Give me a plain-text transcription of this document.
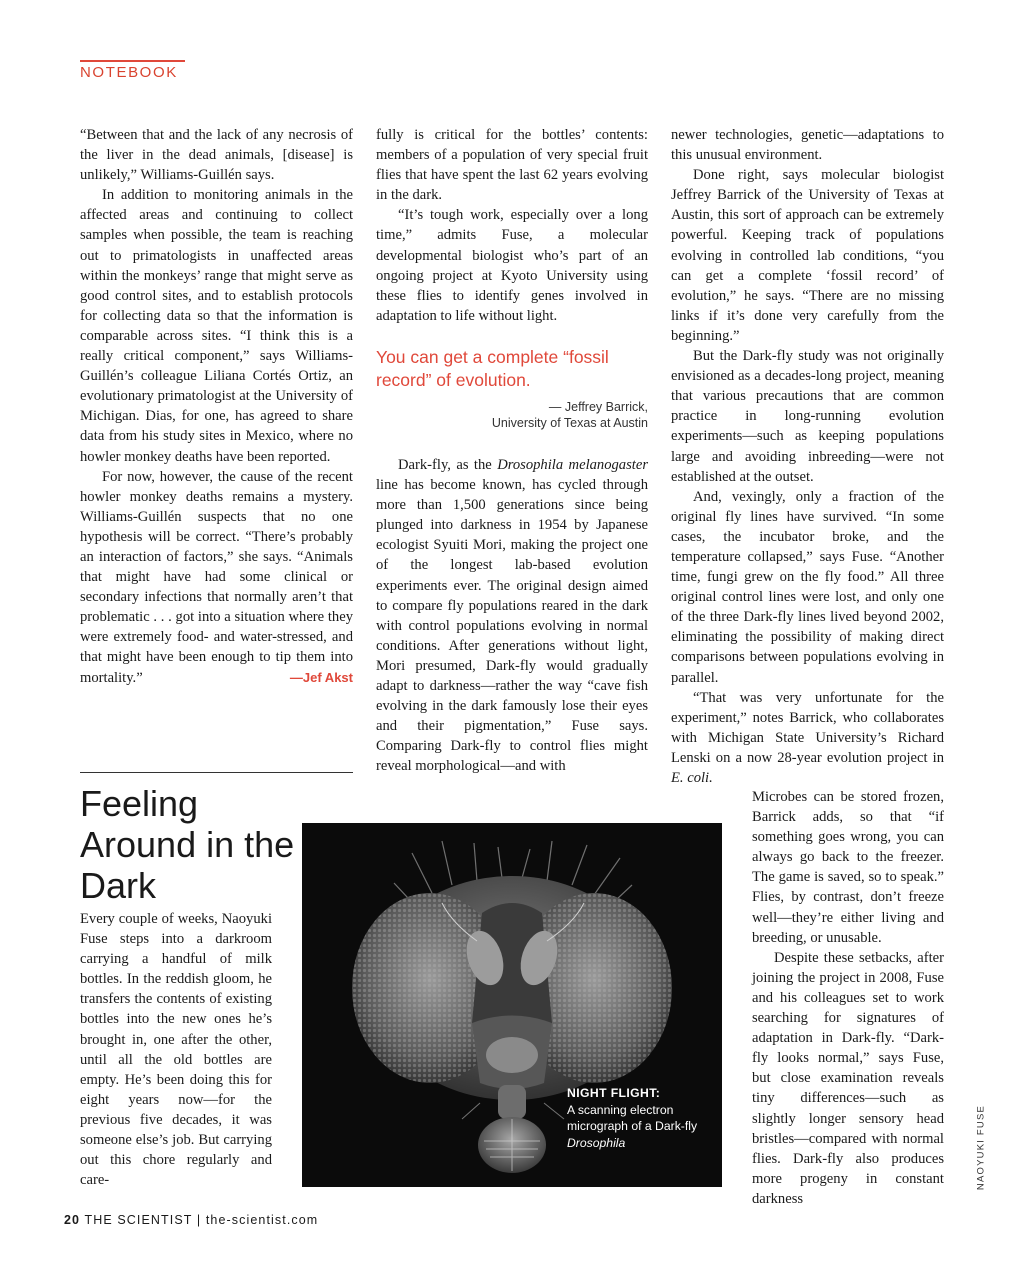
NOTEBOOK

“Between that and the lack of any necrosis of the liver in the dead animals, [disease] is unlikely,” Williams-Guillén says.

In addition to monitoring animals in the affected areas and continuing to collect samples when possible, the team is reaching out to primatologists in unaffected areas within the monkeys’ range that might serve as good control sites, and to establish protocols for collecting data so that the information is comparable across sites. “I think this is a really critical component,” says Williams-Guillén’s colleague Liliana Cortés Ortiz, an evolutionary primatologist at the University of Michigan. Dias, for one, has agreed to share data from his study sites in Mexico, where no howler monkey deaths have been reported.

For now, however, the cause of the recent howler monkey deaths remains a mystery. Williams-Guillén suspects that no one hypothesis will be correct. “There’s probably an interaction of factors,” she says. “Animals that might have had some clinical or secondary infections that normally aren’t that problematic . . . got into a situation where they were extremely food- and water-stressed, and that might have been enough to tip them into mortality.”	—Jef Akst

Feeling Around in the Dark

Every couple of weeks, Naoyuki Fuse steps into a darkroom carrying a handful of milk bottles. In the reddish gloom, he transfers the contents of existing bottles into the new ones he’s brought in, one after the other, until all the old bottles are empty. He’s been doing this for eight years now—for the previous five decades, it was someone else’s job. But carrying out this chore regularly and care-

fully is critical for the bottles’ contents: members of a population of very special fruit flies that have spent the last 62 years evolving in the dark.

“It’s tough work, especially over a long time,” admits Fuse, a molecular developmental biologist who’s part of an ongoing project at Kyoto University using these flies to identify genes involved in adaptation to life without light.

Dark-fly, as the Drosophila melanogaster line has become known, has cycled through more than 1,500 generations since being plunged into darkness in 1954 by Japanese ecologist Syuiti Mori, making the project one of the longest lab-based evolution experiments ever. The original design aimed to compare fly populations reared in the dark with control populations evolving in normal conditions. After generations without light, Mori presumed, Dark-fly would gradually adapt to darkness—rather the way “cave fish evolving in the dark famously lose their eyes and their pigmentation,” Fuse says. Comparing Dark-fly to control flies might reveal morphological—and with

You can get a complete “fossil record” of evolution.
— Jeffrey Barrick,
University of Texas at Austin

newer technologies, genetic—adaptations to this unusual environment.

Done right, says molecular biologist Jeffrey Barrick of the University of Texas at Austin, this sort of approach can be extremely powerful. Keeping track of populations evolving in controlled lab conditions, “you can get a complete ‘fossil record’ of evolution,” he says. “There are no missing links if it’s done very carefully from the beginning.”

But the Dark-fly study was not originally envisioned as a decades-long project, meaning that various precautions that are common practice in long-running evolution experiments—such as keeping populations large and avoiding inbreeding—were not established at the outset.

And, vexingly, only a fraction of the original fly lines have survived. “In some cases, the incubator broke, and the temperature collapsed,” says Fuse. “Another time, fungi grew on the fly food.” All three original control lines were lost, and only one of the three Dark-fly lines lived beyond 2002, eliminating the possibility of making direct comparisons between populations evolving in parallel.

“That was very unfortunate for the experiment,” notes Barrick, who collaborates with Michigan State University’s Richard Lenski on a now 28-year evolution project in E. coli.

Microbes can be stored frozen, Barrick adds, so that “if something goes wrong, you can always go back to the freezer. The game is saved, so to speak.” Flies, by contrast, don’t freeze well—they’re either living and breeding, or unusable.

Despite these setbacks, after joining the project in 2008, Fuse and his colleagues set to work searching for signatures of adaptation in Dark-fly. “Dark-fly looks normal,” says Fuse, but close examination reveals tiny differences—such as slightly longer sensory head bristles—compared with normal flies. Dark-fly also produces more progeny in constant darkness

NIGHT FLIGHT:
A scanning electron micrograph of a Dark-fly Drosophila	NAOYUKI FUSE
20 THE SCIENTIST | the-scientist.com
